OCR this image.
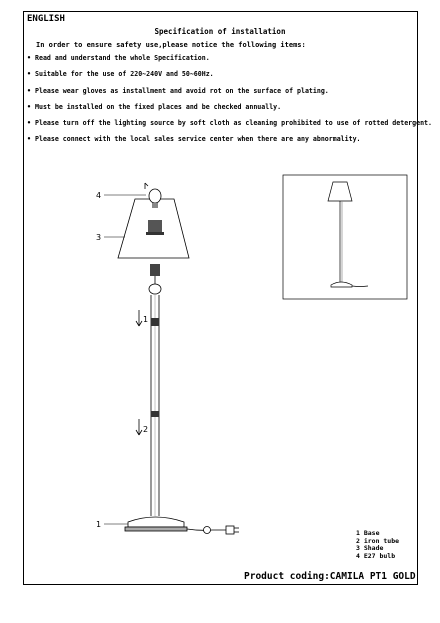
ENGLISH
Specification of installation
In order to ensure safety use,please notice the following items:
• Read and understand the whole Specification.
• Suitable for the use of 220~240V and 50~60Hz.
• Please wear gloves as installment and avoid rot on the surface of plating.
• Must be installed on the fixed places and be checked annually.
• Please turn off the lighting source by soft cloth as cleaning prohibited to use of rotted detergent.
• Please connect with the local sales service center when there are any abnormality.
4
3
1
1
2
1 Base
2 iron tube
3 Shade
4 E27 bulb
Product coding:CAMILA PT1 GOLD
